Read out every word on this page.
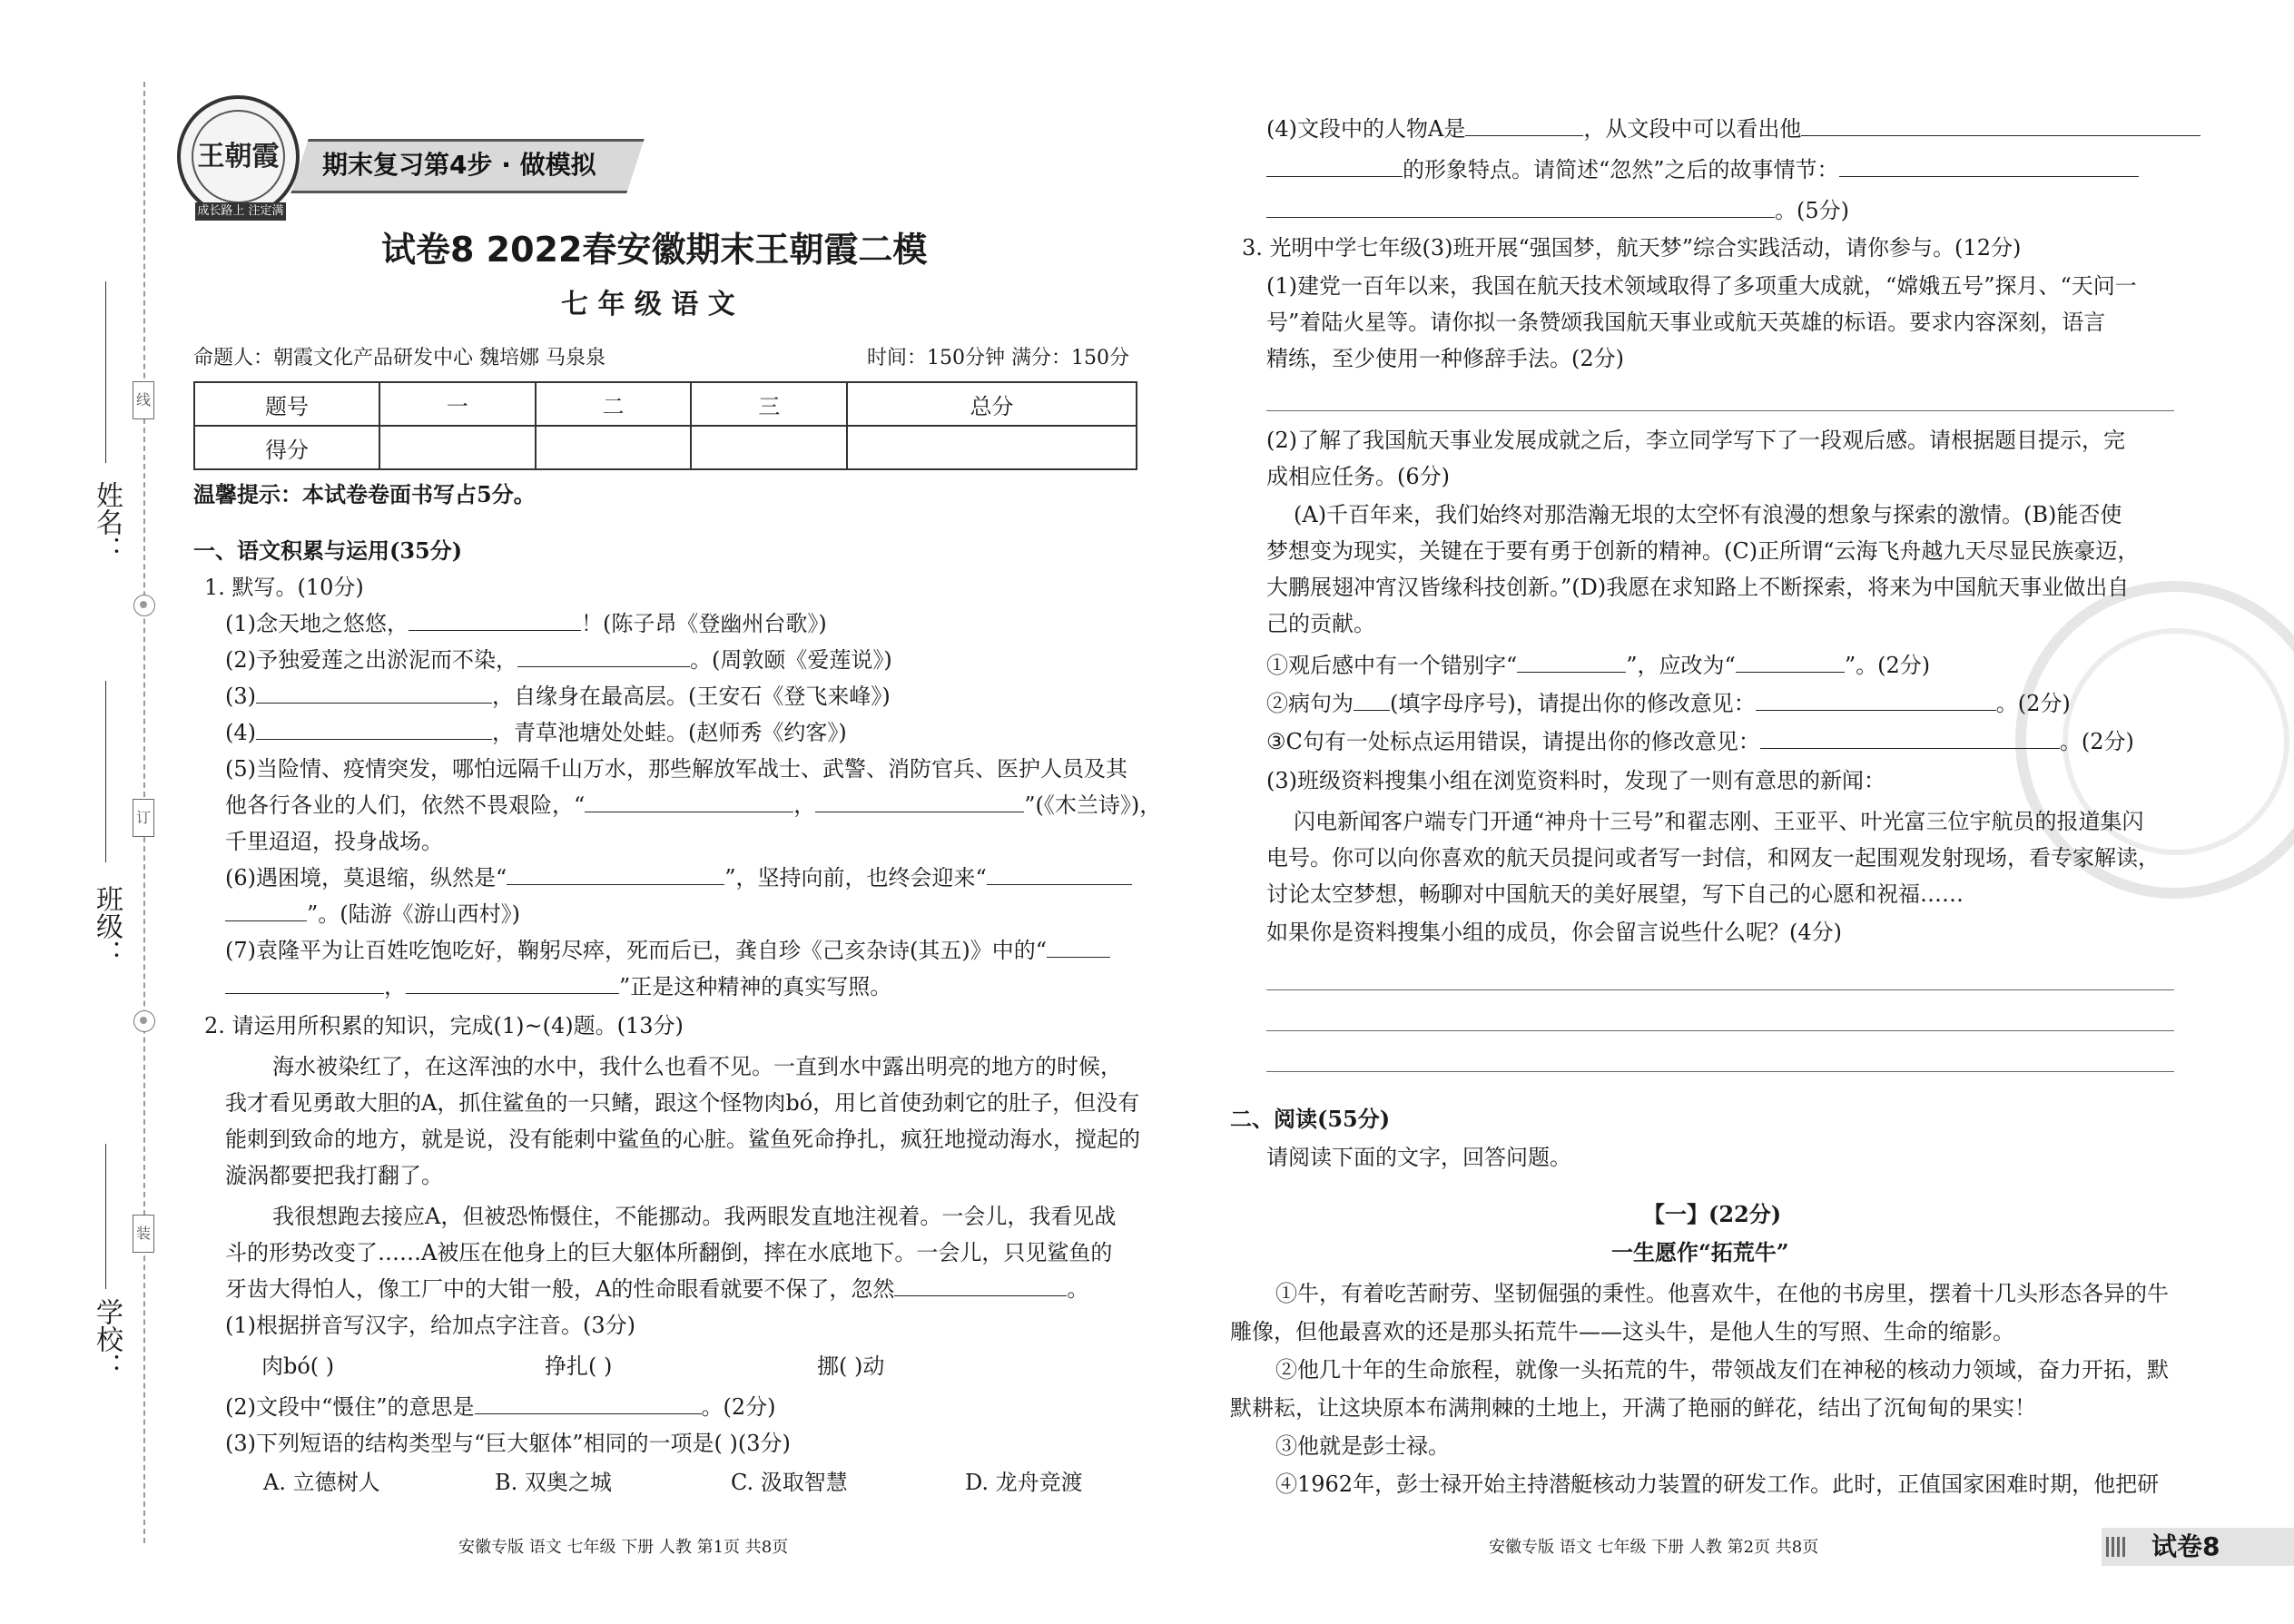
姓名：
班级：
学校：
线
订
装
期末复习第4步 · 做模拟
王朝霞
成长路上 注定满天
试卷8 2022春安徽期末王朝霞二模
七 年 级 语 文
命题人：朝霞文化产品研发中心 魏培娜 马泉泉	时间：150分钟 满分：150分
题号	一	二	三	总分
得分				
温馨提示：本试卷卷面书写占5分。
一、语文积累与运用(35分)
1. 默写。(10分)
(1)念天地之悠悠，	！(陈子昂《登幽州台歌》)
(2)予独爱莲之出淤泥而不染，	。(周敦颐《爱莲说》)
(3)	，自缘身在最高层。(王安石《登飞来峰》)
(4)	，青草池塘处处蛙。(赵师秀《约客》)
(5)当险情、疫情突发，哪怕远隔千山万水，那些解放军战士、武警、消防官兵、医护人员及其
他各行各业的人们，依然不畏艰险，“	，	”(《木兰诗》)，
千里迢迢，投身战场。
(6)遇困境，莫退缩，纵然是“	”，坚持向前，也终会迎来“
”。(陆游《游山西村》)
(7)袁隆平为让百姓吃饱吃好，鞠躬尽瘁，死而后已，龚自珍《己亥杂诗(其五)》中的“
，	”正是这种精神的真实写照。
2. 请运用所积累的知识，完成(1)~(4)题。(13分)
海水被染红了，在这浑浊的水中，我什么也看不见。一直到水中露出明亮的地方的时候，
我才看见勇敢大胆的A，抓住鲨鱼的一只鳍，跟这个怪物肉bó，用匕首使劲刺它的肚子，但没有
能刺到致命的地方，就是说，没有能刺中鲨鱼的心脏。鲨鱼死命挣扎，疯狂地搅动海水，搅起的
漩涡都要把我打翻了。
我很想跑去接应A，但被恐怖慑住，不能挪动。我两眼发直地注视着。一会儿，我看见战
斗的形势改变了……A被压在他身上的巨大躯体所翻倒，摔在水底地下。一会儿，只见鲨鱼的
牙齿大得怕人，像工厂中的大钳一般，A的性命眼看就要不保了，忽然	。
(1)根据拼音写汉字，给加点字注音。(3分)
肉bó( )	挣扎( )	挪( )动
(2)文段中“慑住”的意思是	。(2分)
(3)下列短语的结构类型与“巨大躯体”相同的一项是( )(3分)
A. 立德树人	B. 双奥之城	C. 汲取智慧	D. 龙舟竞渡
安徽专版 语文 七年级 下册 人教 第1页 共8页
(4)文段中的人物A是	，从文段中可以看出他
的形象特点。请简述“忽然”之后的故事情节：
。(5分)
3. 光明中学七年级(3)班开展“强国梦，航天梦”综合实践活动，请你参与。(12分)
(1)建党一百年以来，我国在航天技术领域取得了多项重大成就，“嫦娥五号”探月、“天问一
号”着陆火星等。请你拟一条赞颂我国航天事业或航天英雄的标语。要求内容深刻，语言
精练，至少使用一种修辞手法。(2分)
(2)了解了我国航天事业发展成就之后，李立同学写下了一段观后感。请根据题目提示，完
成相应任务。(6分)
(A)千百年来，我们始终对那浩瀚无垠的太空怀有浪漫的想象与探索的激情。(B)能否使
梦想变为现实，关键在于要有勇于创新的精神。(C)正所谓“云海飞舟越九天尽显民族豪迈，
大鹏展翅冲宵汉皆缘科技创新。”(D)我愿在求知路上不断探索，将来为中国航天事业做出自
己的贡献。
①观后感中有一个错别字“	”，应改为“	”。(2分)
②病句为 (填字母序号)，请提出你的修改意见：	。(2分)
③C句有一处标点运用错误，请提出你的修改意见：	。(2分)
(3)班级资料搜集小组在浏览资料时，发现了一则有意思的新闻：
闪电新闻客户端专门开通“神舟十三号”和翟志刚、王亚平、叶光富三位宇航员的报道集闪
电号。你可以向你喜欢的航天员提问或者写一封信，和网友一起围观发射现场，看专家解读，
讨论太空梦想，畅聊对中国航天的美好展望，写下自己的心愿和祝福……
如果你是资料搜集小组的成员，你会留言说些什么呢？(4分)
二、阅读(55分)
请阅读下面的文字，回答问题。
【一】(22分)
一生愿作“拓荒牛”
①牛，有着吃苦耐劳、坚韧倔强的秉性。他喜欢牛，在他的书房里，摆着十几头形态各异的牛
雕像，但他最喜欢的还是那头拓荒牛——这头牛，是他人生的写照、生命的缩影。
②他几十年的生命旅程，就像一头拓荒的牛，带领战友们在神秘的核动力领域，奋力开拓，默
默耕耘，让这块原本布满荆棘的土地上，开满了艳丽的鲜花，结出了沉甸甸的果实！
③他就是彭士禄。
④1962年，彭士禄开始主持潜艇核动力装置的研发工作。此时，正值国家困难时期，他把研
安徽专版 语文 七年级 下册 人教 第2页 共8页	试卷8
